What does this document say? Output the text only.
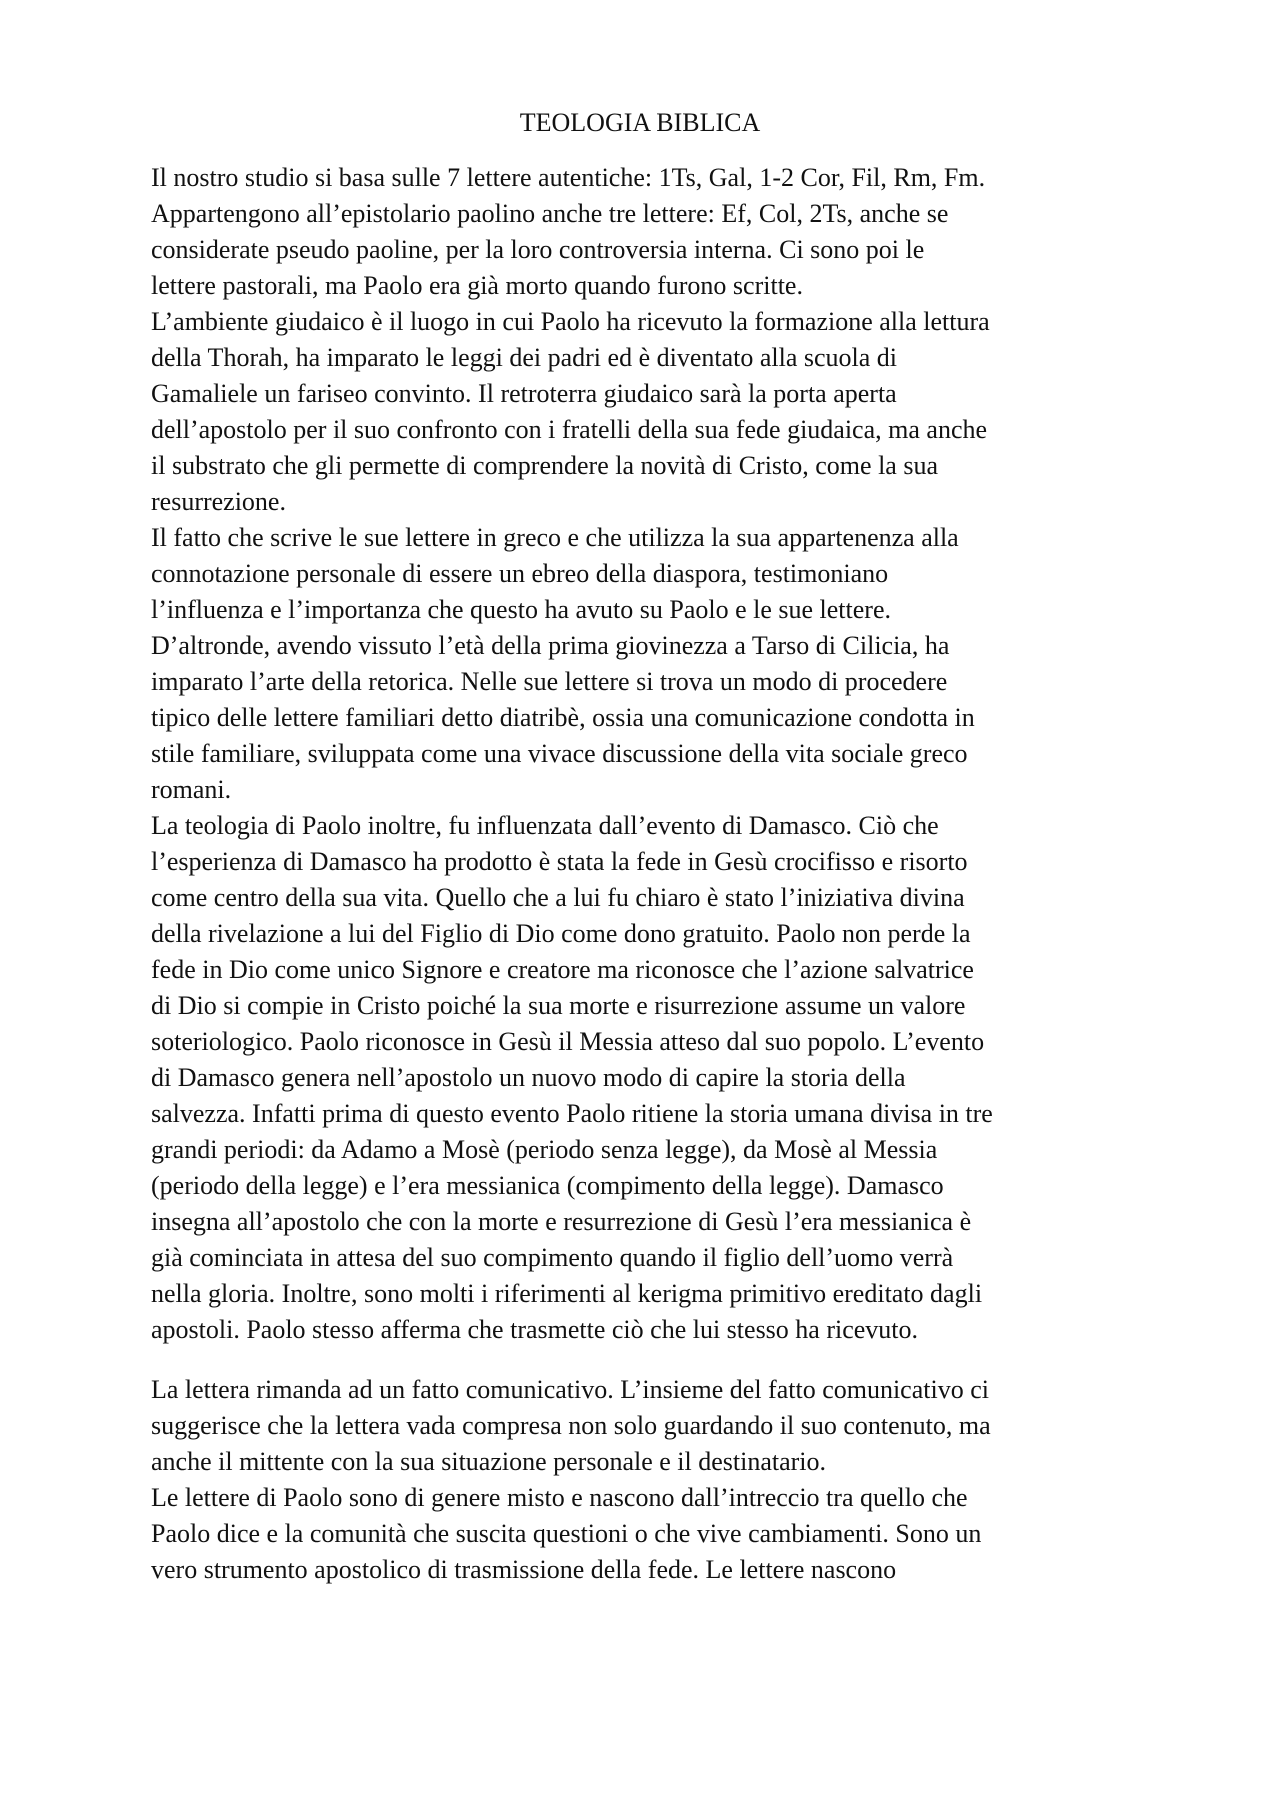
TEOLOGIA BIBLICA
Il nostro studio si basa sulle 7 lettere autentiche: 1Ts, Gal, 1-2 Cor, Fil, Rm, Fm.
Appartengono all’epistolario paolino anche tre lettere: Ef, Col, 2Ts, anche se
considerate pseudo paoline, per la loro controversia interna. Ci sono poi le
lettere pastorali, ma Paolo era già morto quando furono scritte.
L’ambiente giudaico è il luogo in cui Paolo ha ricevuto la formazione alla lettura
della Thorah, ha imparato le leggi dei padri ed è diventato alla scuola di
Gamaliele un fariseo convinto. Il retroterra giudaico sarà la porta aperta
dell’apostolo per il suo confronto con i fratelli della sua fede giudaica, ma anche
il substrato che gli permette di comprendere la novità di Cristo, come la sua
resurrezione.
Il fatto che scrive le sue lettere in greco e che utilizza la sua appartenenza alla
connotazione personale di essere un ebreo della diaspora, testimoniano
l’influenza e l’importanza che questo ha avuto su Paolo e le sue lettere.
D’altronde, avendo vissuto l’età della prima giovinezza a Tarso di Cilicia, ha
imparato l’arte della retorica. Nelle sue lettere si trova un modo di procedere
tipico delle lettere familiari detto diatribè, ossia una comunicazione condotta in
stile familiare, sviluppata come una vivace discussione della vita sociale greco
romani.
La teologia di Paolo inoltre, fu influenzata dall’evento di Damasco. Ciò che
l’esperienza di Damasco ha prodotto è stata la fede in Gesù crocifisso e risorto
come centro della sua vita. Quello che a lui fu chiaro è stato l’iniziativa divina
della rivelazione a lui del Figlio di Dio come dono gratuito. Paolo non perde la
fede in Dio come unico Signore e creatore ma riconosce che l’azione salvatrice
di Dio si compie in Cristo poiché la sua morte e risurrezione assume un valore
soteriologico. Paolo riconosce in Gesù il Messia atteso dal suo popolo. L’evento
di Damasco genera nell’apostolo un nuovo modo di capire la storia della
salvezza. Infatti prima di questo evento Paolo ritiene la storia umana divisa in tre
grandi periodi: da Adamo a Mosè (periodo senza legge), da Mosè al Messia
(periodo della legge) e l’era messianica (compimento della legge). Damasco
insegna all’apostolo che con la morte e resurrezione di Gesù l’era messianica è
già cominciata in attesa del suo compimento quando il figlio dell’uomo verrà
nella gloria. Inoltre, sono molti i riferimenti al kerigma primitivo ereditato dagli
apostoli. Paolo stesso afferma che trasmette ciò che lui stesso ha ricevuto.
La lettera rimanda ad un fatto comunicativo. L’insieme del fatto comunicativo ci
suggerisce che la lettera vada compresa non solo guardando il suo contenuto, ma
anche il mittente con la sua situazione personale e il destinatario.
Le lettere di Paolo sono di genere misto e nascono dall’intreccio tra quello che
Paolo dice e la comunità che suscita questioni o che vive cambiamenti. Sono un
vero strumento apostolico di trasmissione della fede. Le lettere nascono
